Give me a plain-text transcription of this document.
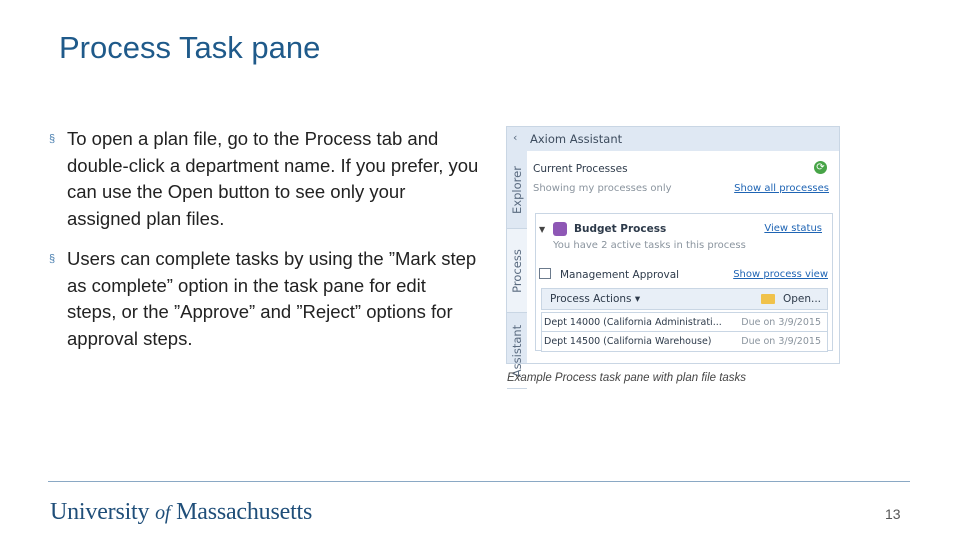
Process Task pane
§ To open a plan file, go to the Process tab and double-click a department name. If you prefer, you can use the Open button to see only your assigned plan files.
§ Users can complete tasks by using the ”Mark step as complete” option in the task pane for edit steps, or the ”Approve” and ”Reject” options for approval steps.
‹ Axiom Assistant
Explorer
Process
Assistant
Current Processes	⟳
Showing my processes only	Show all processes
▼	Budget Process	View status
You have 2 active tasks in this process
Management Approval	Show process view
Process Actions ▾	Open...
Dept 14000 (California Administrati... Due on 3/9/2015
Dept 14500 (California Warehouse)	Due on 3/9/2015
Example Process task pane with plan file tasks
University of Massachusetts	13
